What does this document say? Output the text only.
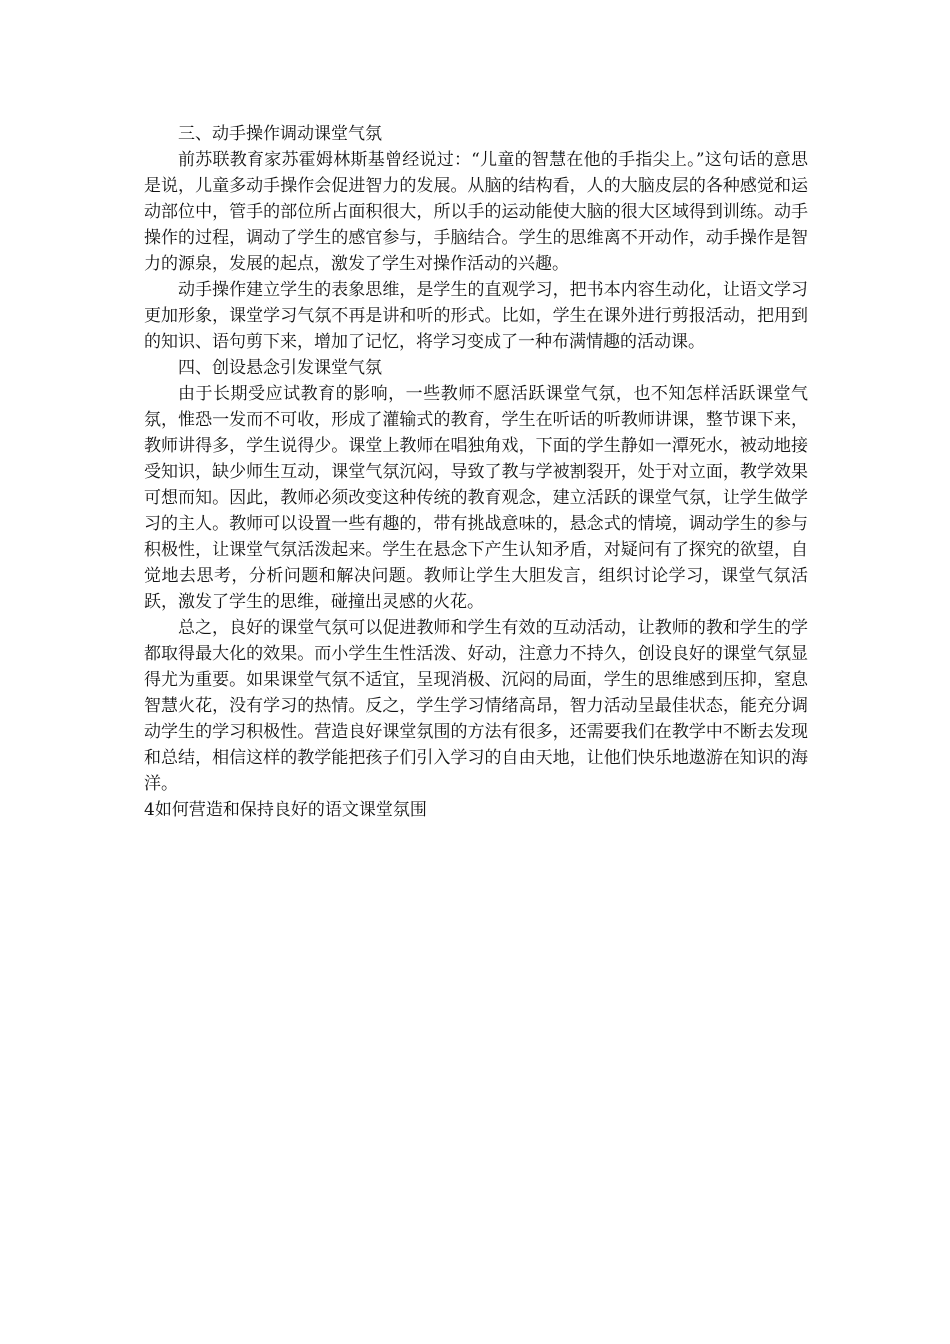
三、动手操作调动课堂气氛

前苏联教育家苏霍姆林斯基曾经说过：“儿童的智慧在他的手指尖上。”这句话的意思是说，儿童多动手操作会促进智力的发展。从脑的结构看，人的大脑皮层的各种感觉和运动部位中，管手的部位所占面积很大，所以手的运动能使大脑的很大区域得到训练。动手操作的过程，调动了学生的感官参与，手脑结合。学生的思维离不开动作，动手操作是智力的源泉，发展的起点，激发了学生对操作活动的兴趣。

动手操作建立学生的表象思维，是学生的直观学习，把书本内容生动化，让语文学习更加形象，课堂学习气氛不再是讲和听的形式。比如，学生在课外进行剪报活动，把用到的知识、语句剪下来，增加了记忆，将学习变成了一种布满情趣的活动课。

四、创设悬念引发课堂气氛

由于长期受应试教育的影响，一些教师不愿活跃课堂气氛，也不知怎样活跃课堂气氛，惟恐一发而不可收，形成了灌输式的教育，学生在听话的听教师讲课，整节课下来，教师讲得多，学生说得少。课堂上教师在唱独角戏，下面的学生静如一潭死水，被动地接受知识，缺少师生互动，课堂气氛沉闷，导致了教与学被割裂开，处于对立面，教学效果可想而知。因此，教师必须改变这种传统的教育观念，建立活跃的课堂气氛，让学生做学习的主人。教师可以设置一些有趣的，带有挑战意味的，悬念式的情境，调动学生的参与积极性，让课堂气氛活泼起来。学生在悬念下产生认知矛盾，对疑问有了探究的欲望，自觉地去思考，分析问题和解决问题。教师让学生大胆发言，组织讨论学习，课堂气氛活跃，激发了学生的思维，碰撞出灵感的火花。

总之，良好的课堂气氛可以促进教师和学生有效的互动活动，让教师的教和学生的学都取得最大化的效果。而小学生生性活泼、好动，注意力不持久，创设良好的课堂气氛显得尤为重要。如果课堂气氛不适宜，呈现消极、沉闷的局面，学生的思维感到压抑，窒息智慧火花，没有学习的热情。反之，学生学习情绪高昂，智力活动呈最佳状态，能充分调动学生的学习积极性。营造良好课堂氛围的方法有很多，还需要我们在教学中不断去发现和总结，相信这样的教学能把孩子们引入学习的自由天地，让他们快乐地遨游在知识的海洋。

4如何营造和保持良好的语文课堂氛围
